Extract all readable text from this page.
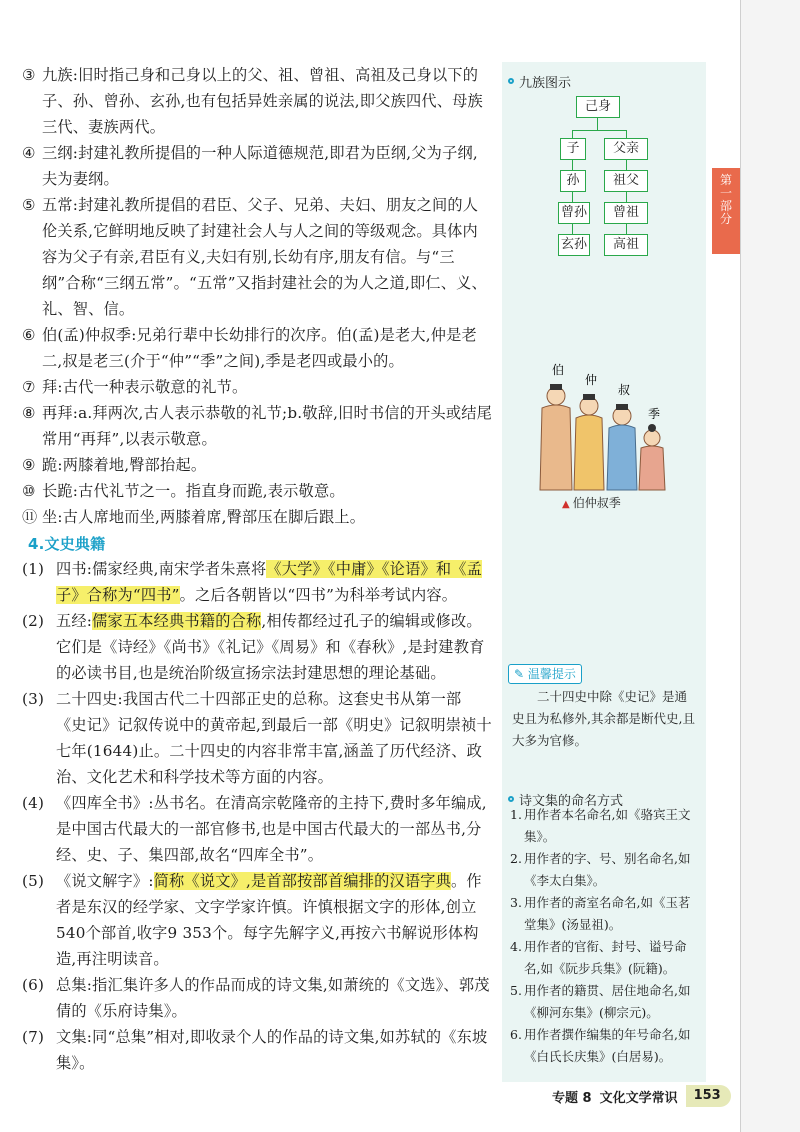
③ 九族:旧时指己身和己身以上的父、祖、曾祖、高祖及己身以下的子、孙、曾孙、玄孙,也有包括异姓亲属的说法,即父族四代、母族三代、妻族两代。
④ 三纲:封建礼教所提倡的一种人际道德规范,即君为臣纲,父为子纲,夫为妻纲。
⑤ 五常:封建礼教所提倡的君臣、父子、兄弟、夫妇、朋友之间的人伦关系,它鲜明地反映了封建社会人与人之间的等级观念。具体内容为父子有亲,君臣有义,夫妇有别,长幼有序,朋友有信。与“三纲”合称“三纲五常”。“五常”又指封建社会的为人之道,即仁、义、礼、智、信。
⑥ 伯(孟)仲叔季:兄弟行辈中长幼排行的次序。伯(孟)是老大,仲是老二,叔是老三(介于“仲”“季”之间),季是老四或最小的。
⑦ 拜:古代一种表示敬意的礼节。
⑧ 再拜:a.拜两次,古人表示恭敬的礼节;b.敬辞,旧时书信的开头或结尾常用“再拜”,以表示敬意。
⑨ 跪:两膝着地,臀部抬起。
⑩ 长跪:古代礼节之一。指直身而跪,表示敬意。
⑪ 坐:古人席地而坐,两膝着席,臀部压在脚后跟上。
4.文史典籍
(1) 四书:儒家经典,南宋学者朱熹将《大学》《中庸》《论语》和《孟子》合称为“四书”。之后各朝皆以“四书”为科举考试内容。
(2) 五经:儒家五本经典书籍的合称,相传都经过孔子的编辑或修改。它们是《诗经》《尚书》《礼记》《周易》和《春秋》,是封建教育的必读书目,也是统治阶级宣扬宗法封建思想的理论基础。
(3) 二十四史:我国古代二十四部正史的总称。这套史书从第一部《史记》记叙传说中的黄帝起,到最后一部《明史》记叙明崇祯十七年(1644)止。二十四史的内容非常丰富,涵盖了历代经济、政治、文化艺术和科学技术等方面的内容。
(4) 《四库全书》:丛书名。在清高宗乾隆帝的主持下,费时多年编成,是中国古代最大的一部官修书,也是中国古代最大的一部丛书,分经、史、子、集四部,故名“四库全书”。
(5) 《说文解字》:简称《说文》,是首部按部首编排的汉语字典。作者是东汉的经学家、文字学家许慎。许慎根据文字的形体,创立540个部首,收字9 353个。每字先解字义,再按六书解说形体构造,再注明读音。
(6) 总集:指汇集许多人的作品而成的诗文集,如萧统的《文选》、郭茂倩的《乐府诗集》。
(7) 文集:同“总集”相对,即收录个人的作品的诗文集,如苏轼的《东坡集》。
九族图示
己身
子	父亲
孙	祖父
曾孙	曾祖
玄孙	高祖
伯
仲
叔
季
▲ 伯仲叔季
✎ 温馨提示
二十四史中除《史记》是通史且为私修外,其余都是断代史,且大多为官修。
诗文集的命名方式
1. 用作者本名命名,如《骆宾王文集》。
2. 用作者的字、号、别名命名,如《李太白集》。
3. 用作者的斋室名命名,如《玉茗堂集》(汤显祖)。
4. 用作者的官衔、封号、谥号命名,如《阮步兵集》(阮籍)。
5. 用作者的籍贯、居住地命名,如《柳河东集》(柳宗元)。
6. 用作者撰作编集的年号命名,如《白氏长庆集》(白居易)。
第
一
部
分
专题 8 文化文学常识	153
